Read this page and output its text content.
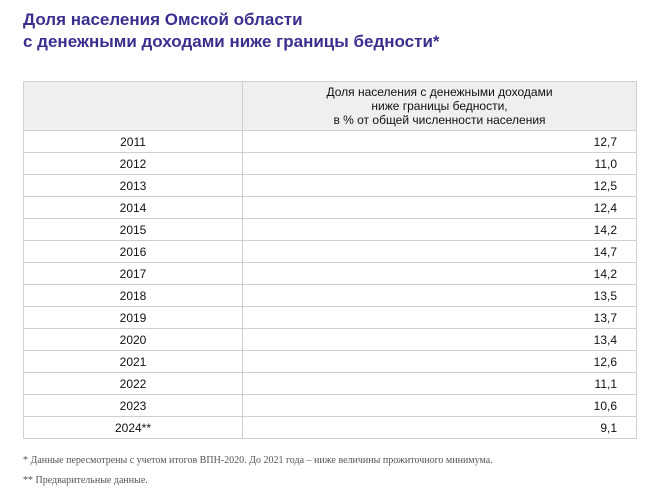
Доля населения Омской области
с денежными доходами ниже границы бедности*

	Доля населения с денежными доходами
ниже границы бедности,
в % от общей численности населения

2011	12,7
2012	11,0
2013	12,5
2014	12,4
2015	14,2
2016	14,7
2017	14,2
2018	13,5
2019	13,7
2020	13,4
2021	12,6
2022	11,1
2023	10,6
2024**	9,1
* Данные пересмотрены с учетом итогов ВПН-2020. До 2021 года – ниже величины прожиточного минимума.
** Предварительные данные.
